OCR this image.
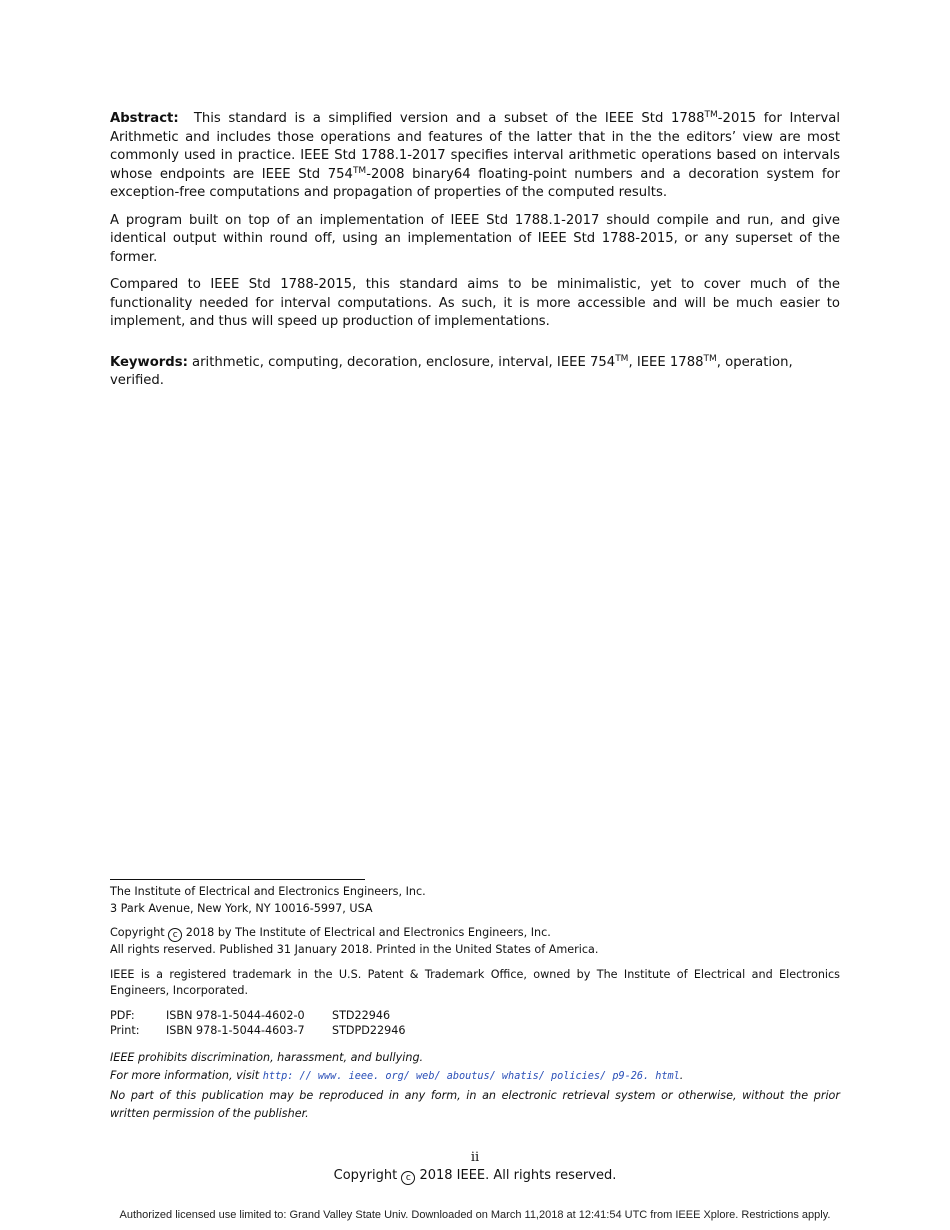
Abstract: This standard is a simplified version and a subset of the IEEE Std 1788™-2015 for Interval Arithmetic and includes those operations and features of the latter that in the the editors’ view are most commonly used in practice. IEEE Std 1788.1-2017 specifies interval arithmetic operations based on intervals whose endpoints are IEEE Std 754™-2008 binary64 floating-point numbers and a decoration system for exception-free computations and propagation of properties of the computed results.

A program built on top of an implementation of IEEE Std 1788.1-2017 should compile and run, and give identical output within round off, using an implementation of IEEE Std 1788-2015, or any superset of the former.

Compared to IEEE Std 1788-2015, this standard aims to be minimalistic, yet to cover much of the functionality needed for interval computations. As such, it is more accessible and will be much easier to implement, and thus will speed up production of implementations.

Keywords: arithmetic, computing, decoration, enclosure, interval, IEEE 754™, IEEE 1788™, operation, verified.

The Institute of Electrical and Electronics Engineers, Inc.
3 Park Avenue, New York, NY 10016-5997, USA

Copyright c 2018 by The Institute of Electrical and Electronics Engineers, Inc.
All rights reserved. Published 31 January 2018. Printed in the United States of America.

IEEE is a registered trademark in the U.S. Patent & Trademark Office, owned by The Institute of Electrical and Electronics Engineers, Incorporated.

PDF:	ISBN 978-1-5044-4602-0	STD22946
Print:	ISBN 978-1-5044-4603-7	STDPD22946

IEEE prohibits discrimination, harassment, and bullying.

For more information, visit http: // www. ieee. org/ web/ aboutus/ whatis/ policies/ p9-26. html.

No part of this publication may be reproduced in any form, in an electronic retrieval system or otherwise, without the prior written permission of the publisher.

ii
Copyright c 2018 IEEE. All rights reserved.
Authorized licensed use limited to: Grand Valley State Univ. Downloaded on March 11,2018 at 12:41:54 UTC from IEEE Xplore. Restrictions apply.
